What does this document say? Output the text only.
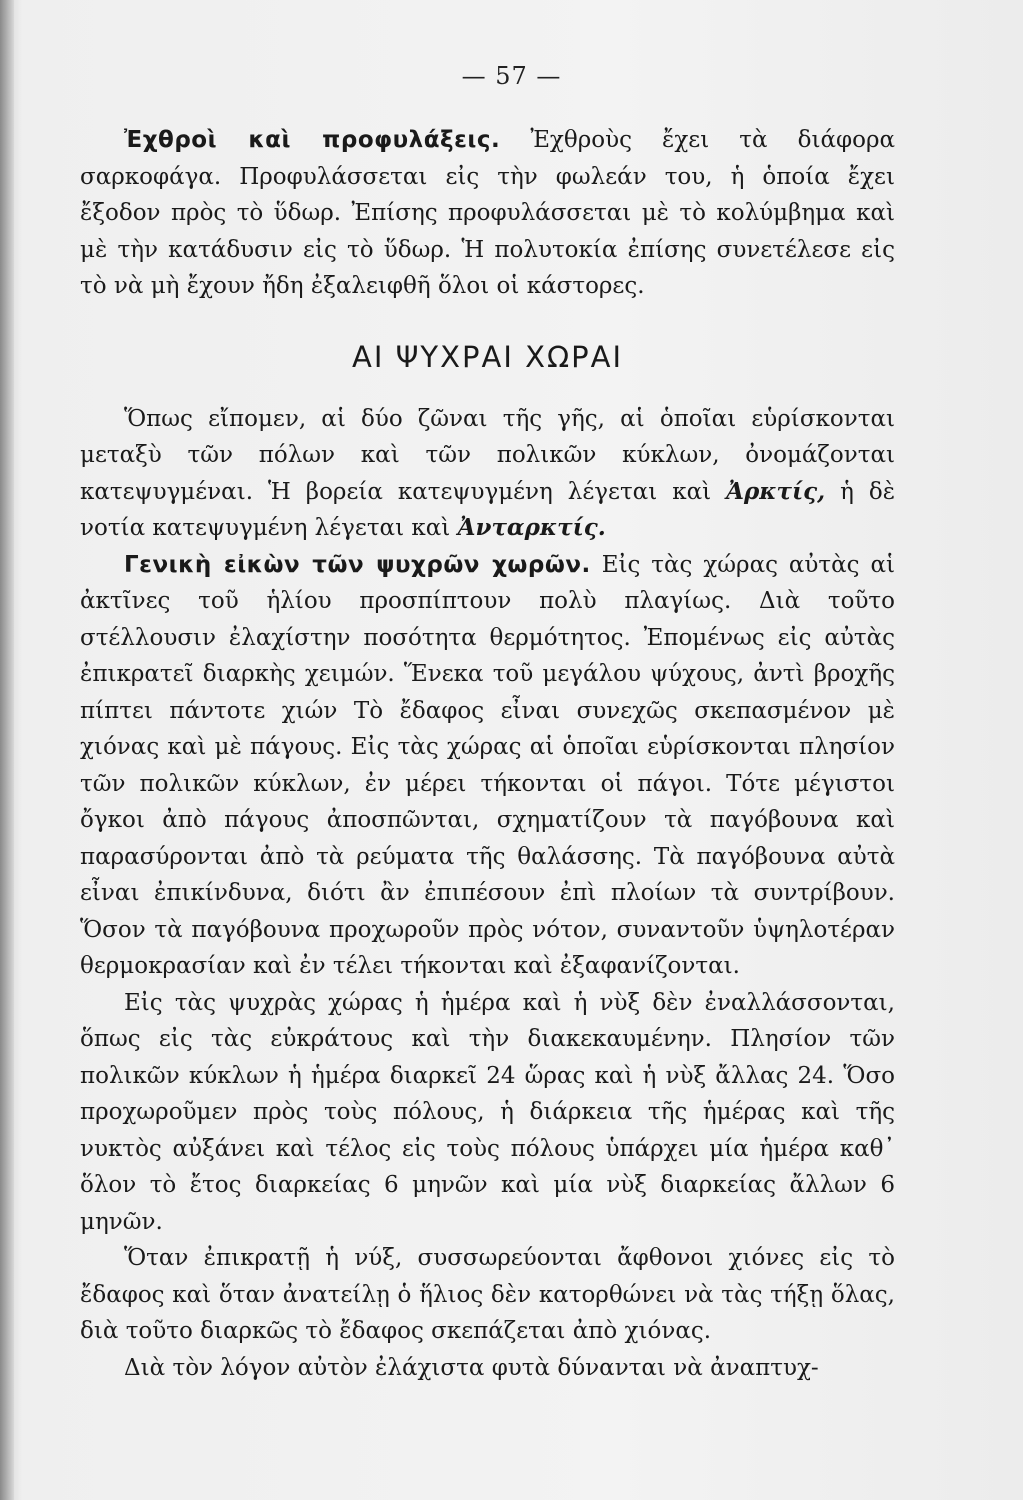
— 57 —

Ἐχθροὶ καὶ προφυλάξεις. Ἐχθροὺς ἔχει τὰ διάφορα σαρκοφάγα. Προφυλάσσεται εἰς τὴν φωλεάν του, ἡ ὁποία ἔχει ἔξοδον πρὸς τὸ ὕδωρ. Ἐπίσης προφυλάσσεται μὲ τὸ κολύμβημα καὶ μὲ τὴν κατάδυσιν εἰς τὸ ὕδωρ. Ἡ πολυτοκία ἐπίσης συνετέλεσε εἰς τὸ νὰ μὴ ἔχουν ἤδη ἐξαλειφθῆ ὅλοι οἱ κάστορες.

ΑΙ ΨΥΧΡΑΙ ΧΩΡΑΙ

Ὅπως εἴπομεν, αἱ δύο ζῶναι τῆς γῆς, αἱ ὁποῖαι εὑρίσκονται μεταξὺ τῶν πόλων καὶ τῶν πολικῶν κύκλων, ὀνομάζονται κατεψυγμέναι. Ἡ βορεία κατεψυγμένη λέγεται καὶ Ἀρκτίς, ἡ δὲ νοτία κατεψυγμένη λέγεται καὶ Ἀνταρκτίς.

Γενικὴ εἰκὼν τῶν ψυχρῶν χωρῶν. Εἰς τὰς χώρας αὐτὰς αἱ ἀκτῖνες τοῦ ἡλίου προσπίπτουν πολὺ πλαγίως. Διὰ τοῦτο στέλλουσιν ἐλαχίστην ποσότητα θερμότητος. Ἐπομένως εἰς αὐτὰς ἐπικρατεῖ διαρκὴς χειμών. Ἕνεκα τοῦ μεγάλου ψύχους, ἀντὶ βροχῆς πίπτει πάντοτε χιών Τὸ ἔδαφος εἶναι συνεχῶς σκεπασμένον μὲ χιόνας καὶ μὲ πάγους. Εἰς τὰς χώρας αἱ ὁποῖαι εὑρίσκονται πλησίον τῶν πολικῶν κύκλων, ἐν μέρει τήκονται οἱ πάγοι. Τότε μέγιστοι ὄγκοι ἀπὸ πάγους ἀποσπῶνται, σχηματίζουν τὰ παγόβουνα καὶ παρασύρονται ἀπὸ τὰ ρεύματα τῆς θαλάσσης. Τὰ παγόβουνα αὐτὰ εἶναι ἐπικίνδυνα, διότι ἂν ἐπιπέσουν ἐπὶ πλοίων τὰ συντρίβουν. Ὅσον τὰ παγόβουνα προχωροῦν πρὸς νότον, συναντοῦν ὑψηλοτέραν θερμοκρασίαν καὶ ἐν τέλει τήκονται καὶ ἐξαφανίζονται.

Εἰς τὰς ψυχρὰς χώρας ἡ ἡμέρα καὶ ἡ νὺξ δὲν ἐναλλάσσονται, ὅπως εἰς τὰς εὐκράτους καὶ τὴν διακεκαυμένην. Πλησίον τῶν πολικῶν κύκλων ἡ ἡμέρα διαρκεῖ 24 ὥρας καὶ ἡ νὺξ ἄλλας 24. Ὅσο προχωροῦμεν πρὸς τοὺς πόλους, ἡ διάρκεια τῆς ἡμέρας καὶ τῆς νυκτὸς αὐξάνει καὶ τέλος εἰς τοὺς πόλους ὑπάρχει μία ἡμέρα καθ᾽ ὅλον τὸ ἔτος διαρκείας 6 μηνῶν καὶ μία νὺξ διαρκείας ἄλλων 6 μηνῶν.

Ὅταν ἐπικρατῇ ἡ νύξ, συσσωρεύονται ἄφθονοι χιόνες εἰς τὸ ἔδαφος καὶ ὅταν ἀνατείλῃ ὁ ἥλιος δὲν κατορθώνει νὰ τὰς τήξῃ ὅλας, διὰ τοῦτο διαρκῶς τὸ ἔδαφος σκεπάζεται ἀπὸ χιόνας.

Διὰ τὸν λόγον αὐτὸν ἐλάχιστα φυτὰ δύνανται νὰ ἀναπτυχ-
